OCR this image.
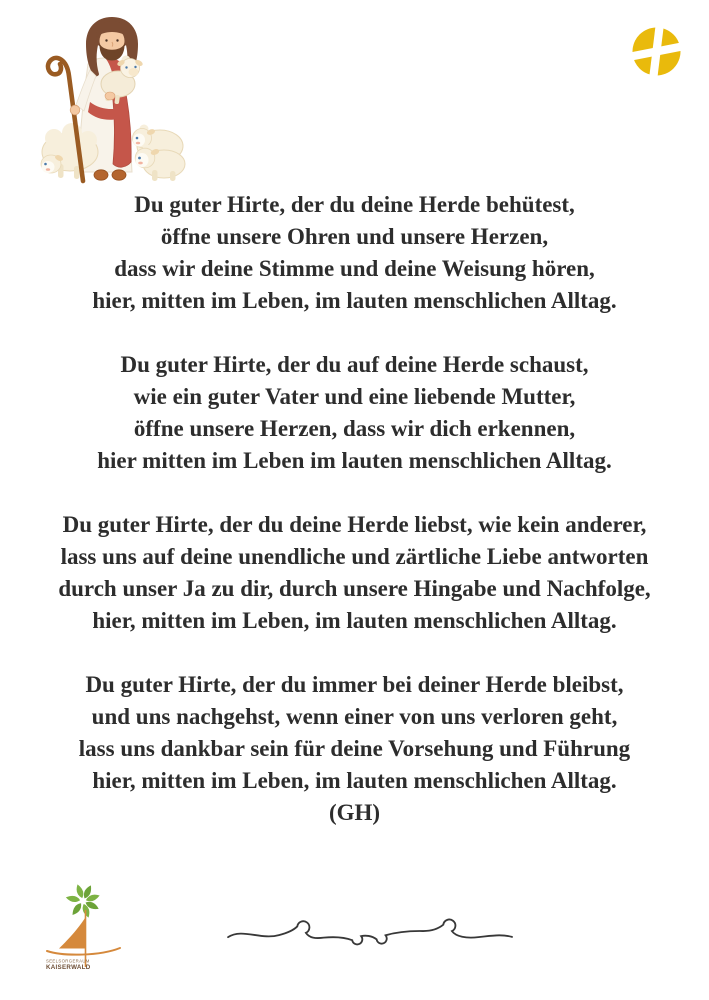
Du guter Hirte, der du deine Herde behütest,
öffne unsere Ohren und unsere Herzen,
dass wir deine Stimme und deine Weisung hören,
hier, mitten im Leben, im lauten menschlichen Alltag.
Du guter Hirte, der du auf deine Herde schaust,
wie ein guter Vater und eine liebende Mutter,
öffne unsere Herzen, dass wir dich erkennen,
hier mitten im Leben im lauten menschlichen Alltag.
Du guter Hirte, der du deine Herde liebst, wie kein anderer,
lass uns auf deine unendliche und zärtliche Liebe antworten
durch unser Ja zu dir, durch unsere Hingabe und Nachfolge,
hier, mitten im Leben, im lauten menschlichen Alltag.
Du guter Hirte, der du immer bei deiner Herde bleibst,
und uns nachgehst, wenn einer von uns verloren geht,
lass uns dankbar sein für deine Vorsehung und Führung
hier, mitten im Leben, im lauten menschlichen Alltag.
(GH)
SEELSORGERAUM
KAISERWALD
